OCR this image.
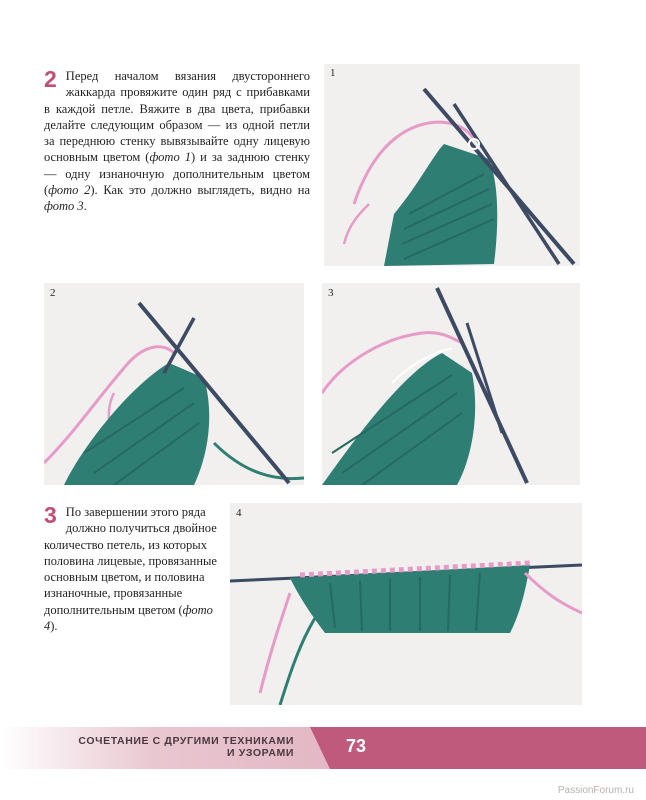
2 Перед началом вязания двустороннего жаккарда провяжите один ряд с прибавками в каждой петле. Вяжите в два цвета, прибавки делайте следующим образом — из одной петли за переднюю стенку вывязывайте одну лицевую основным цветом (фото 1) и за заднюю стенку — одну изнаночную дополнительным цветом (фото 2). Как это должно выглядеть, видно на фото 3.

1
2	3
3 По завершении этого ряда должно получиться двойное количество петель, из которых половина лицевые, провязанные основным цветом, и половина изнаночные, провязанные дополнительным цветом (фото 4).

4
СОЧЕТАНИЕ С ДРУГИМИ ТЕХНИКАМИ
И УЗОРАМИ	73
PassionForum.ru
